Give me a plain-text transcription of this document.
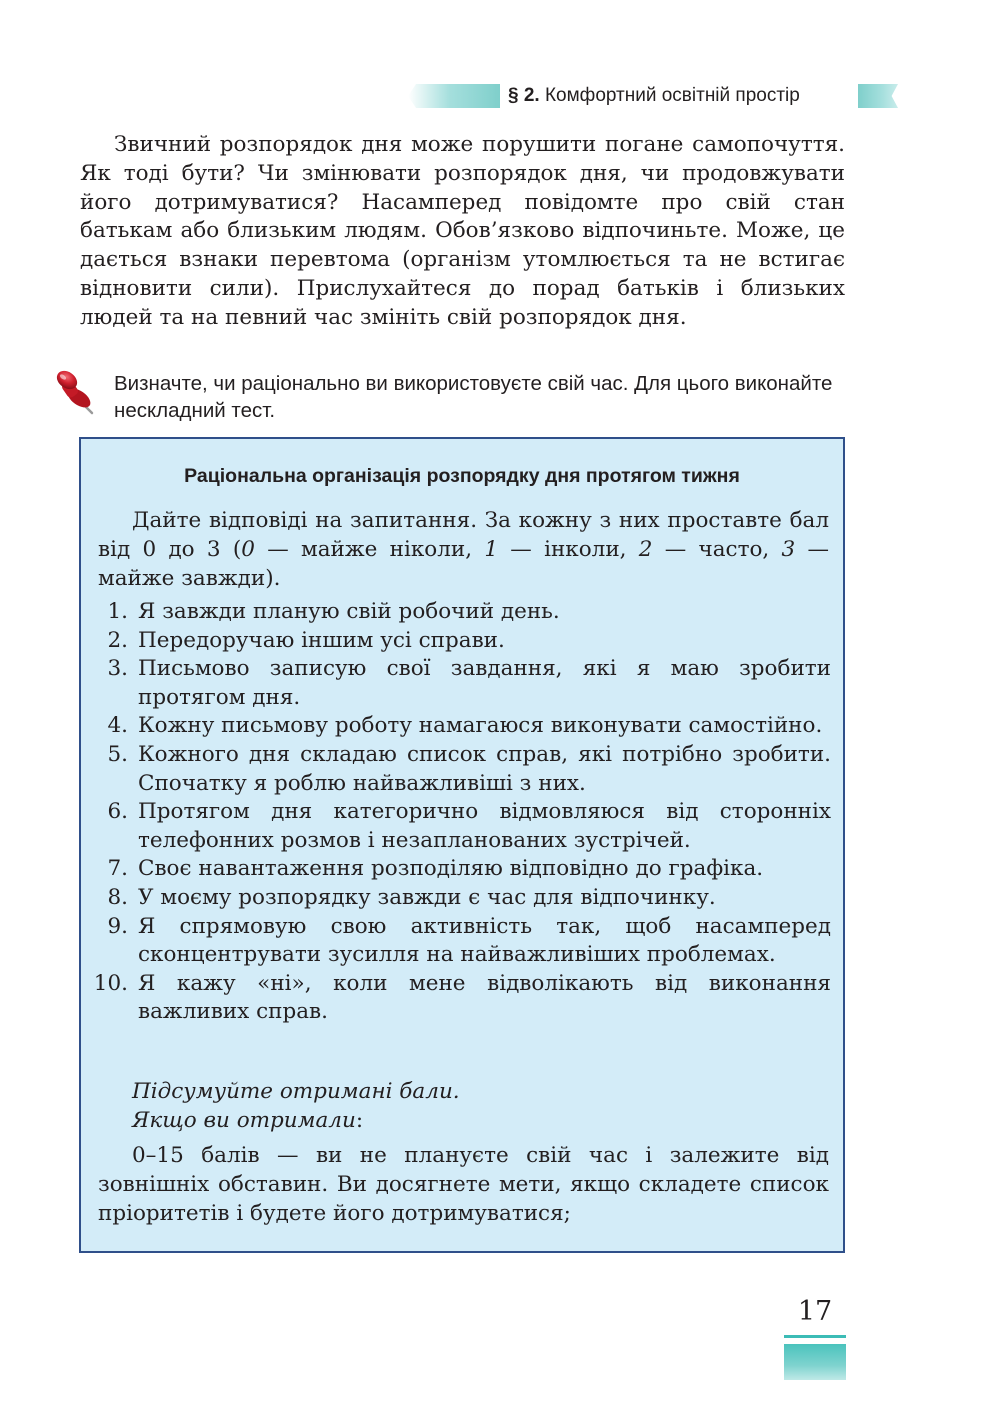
§ 2. Комфортний освітній простір
Звичний розпорядок дня може порушити погане самопочуття. Як тоді бути? Чи змінювати розпорядок дня, чи продовжувати його дотримуватися? Насамперед повідомте про свій стан батькам або близьким людям. Обов’язково відпочиньте. Може, це дається взнаки перевтома (організм утомлюється та не встигає відновити сили). Прислухайтеся до порад батьків і близьких людей та на певний час змініть свій розпорядок дня.
Визначте, чи раціонально ви використовуєте свій час. Для цього виконайте нескладний тест.
Раціональна організація розпорядку дня протягом тижня
Дайте відповіді на запитання. За кожну з них проставте бал від 0 до 3 (0 — майже ніколи, 1 — інколи, 2 — часто, 3 — майже завжди).
1. Я завжди планую свій робочий день.
2. Передоручаю іншим усі справи.
3. Письмово записую свої завдання, які я маю зробити протягом дня.
4. Кожну письмову роботу намагаюся виконувати самостійно.
5. Кожного дня складаю список справ, які потрібно зробити. Спочатку я роблю найважливіші з них.
6. Протягом дня категорично відмовляюся від сторонніх телефонних розмов і незапланованих зустрічей.
7. Своє навантаження розподіляю відповідно до графіка.
8. У моєму розпорядку завжди є час для відпочинку.
9. Я спрямовую свою активність так, щоб насамперед сконцентрувати зусилля на найважливіших проблемах.
10. Я кажу «ні», коли мене відволікають від виконання важливих справ.
Підсумуйте отримані бали.
Якщо ви отримали:
0–15 балів — ви не плануєте свій час і залежите від зовнішніх обставин. Ви досягнете мети, якщо складете список пріоритетів і будете його дотримуватися;
17
